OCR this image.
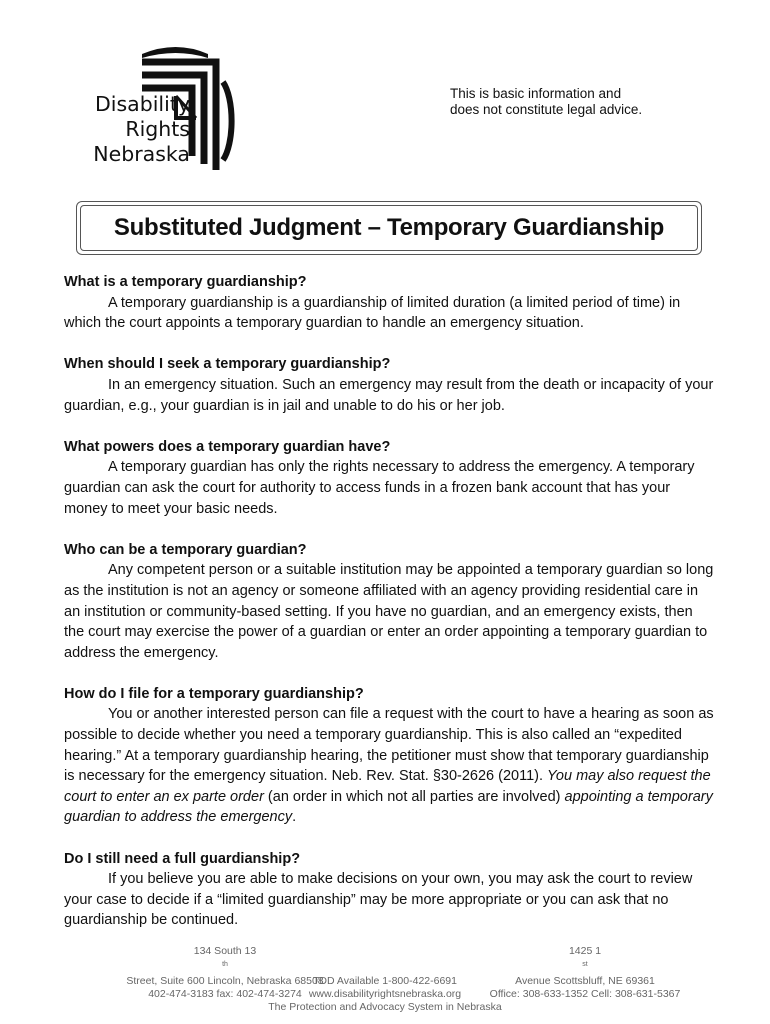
Disability
Rights
Nebraska
This is basic information and
does not constitute legal advice.
Substituted Judgment – Temporary Guardianship
What is a temporary guardianship?
A temporary guardianship is a guardianship of limited duration (a limited period of time) in which the court appoints a temporary guardian to handle an emergency situation.
When should I seek a temporary guardianship?
In an emergency situation. Such an emergency may result from the death or incapacity of your guardian, e.g., your guardian is in jail and unable to do his or her job.
What powers does a temporary guardian have?
A temporary guardian has only the rights necessary to address the emergency. A temporary guardian can ask the court for authority to access funds in a frozen bank account that has your money to meet your basic needs.
Who can be a temporary guardian?
Any competent person or a suitable institution may be appointed a temporary guardian so long as the institution is not an agency or someone affiliated with an agency providing residential care in an institution or community-based setting. If you have no guardian, and an emergency exists, then the court may exercise the power of a guardian or enter an order appointing a temporary guardian to address the emergency.
How do I file for a temporary guardianship?
You or another interested person can file a request with the court to have a hearing as soon as possible to decide whether you need a temporary guardianship. This is also called an “expedited hearing.” At a temporary guardianship hearing, the petitioner must show that temporary guardianship is necessary for the emergency situation. Neb. Rev. Stat. §30-2626 (2011). You may also request the court to enter an ex parte order (an order in which not all parties are involved) appointing a temporary guardian to address the emergency.
Do I still need a full guardianship?
If you believe you are able to make decisions on your own, you may ask the court to review your case to decide if a “limited guardianship” may be more appropriate or you can ask that no guardianship be continued.
134 South 13
$^{th}$
Street, Suite 600 Lincoln, Nebraska 68508
402-474-3183 fax: 402-474-3274
1425 1
$^{st}$
Avenue Scottsbluff, NE 69361
Office: 308-633-1352 Cell: 308-631-5367
TDD Available 1-800-422-6691
www.disabilityrightsnebraska.org
The Protection and Advocacy System in Nebraska
